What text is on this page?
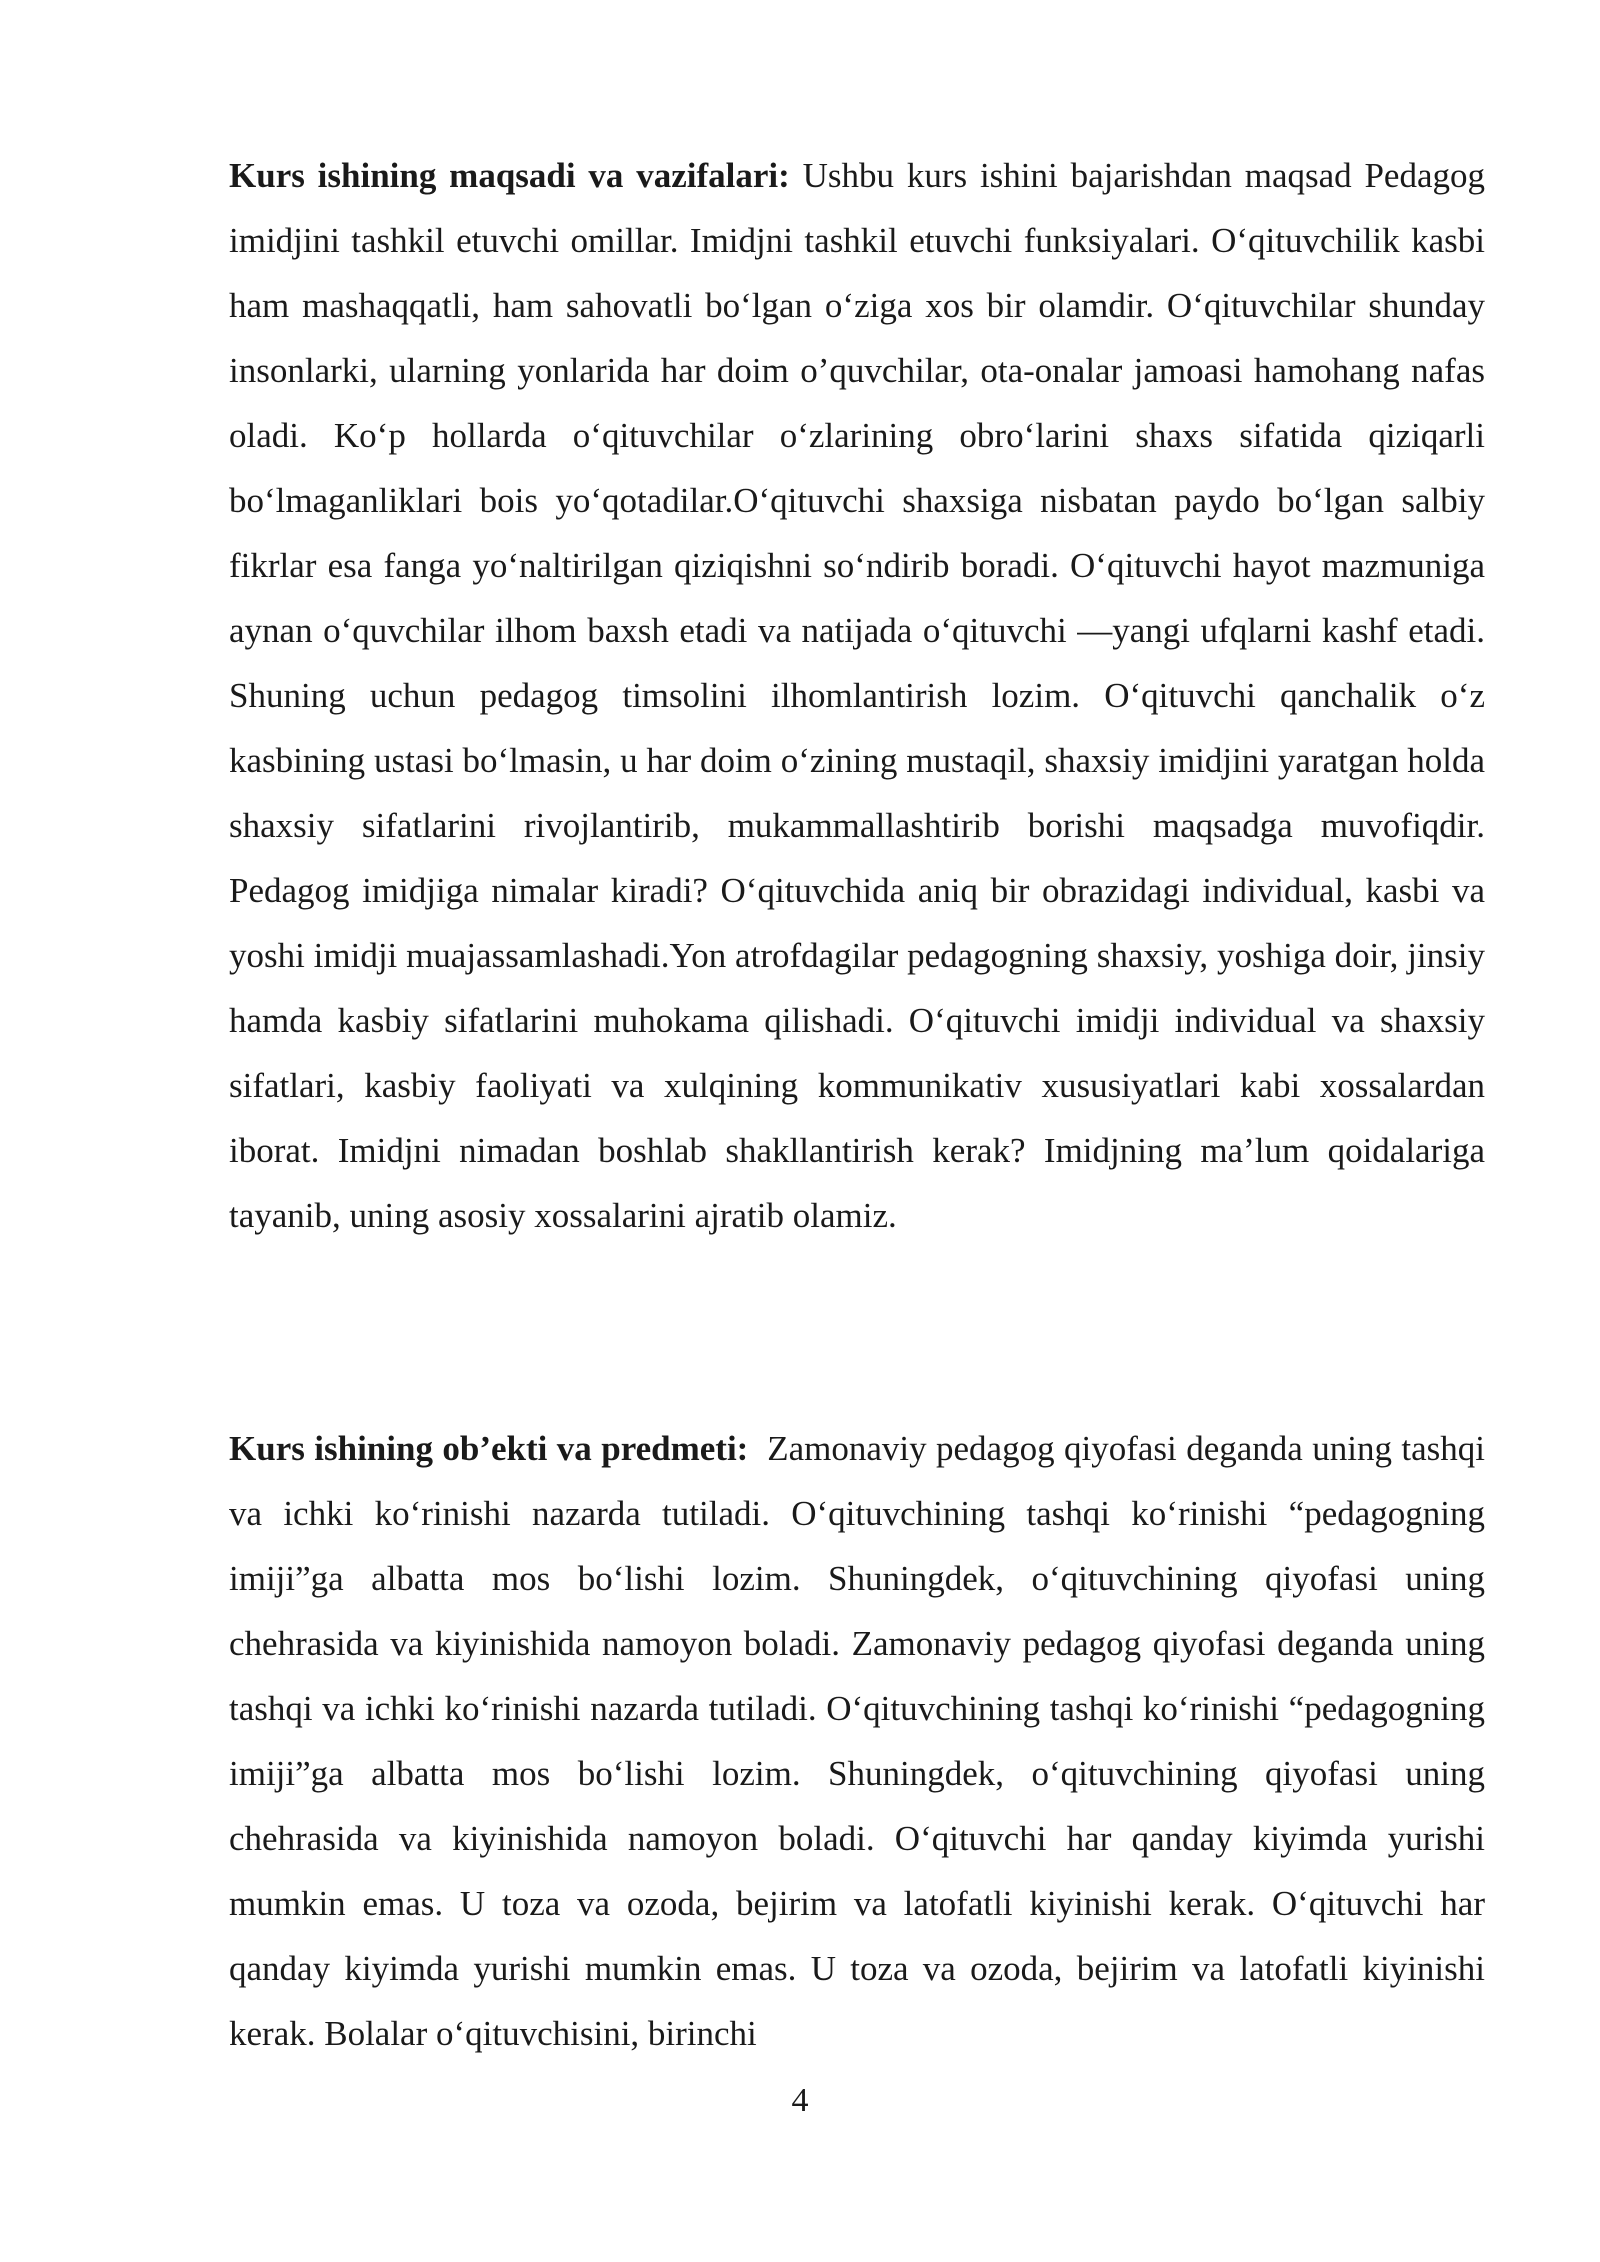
Kurs ishining maqsadi va vazifalari: Ushbu kurs ishini bajarishdan maqsad Pedagog imidjini tashkil etuvchi omillar. Imidjni tashkil etuvchi funksiyalari. O‘qituvchilik kasbi ham mashaqqatli, ham sahovatli bo‘lgan o‘ziga xos bir olamdir. O‘qituvchilar shunday insonlarki, ularning yonlarida har doim o’quvchilar, ota-onalar jamoasi hamohang nafas oladi. Ko‘p hollarda o‘qituvchilar o‘zlarining obro‘larini shaxs sifatida qiziqarli bo‘lmaganliklari bois yo‘qotadilar.O‘qituvchi shaxsiga nisbatan paydo bo‘lgan salbiy fikrlar esa fanga yo‘naltirilgan qiziqishni so‘ndirib boradi. O‘qituvchi hayot mazmuniga aynan o‘quvchilar ilhom baxsh etadi va natijada o‘qituvchi —yangi ufqlarni kashf etadi. Shuning uchun pedagog timsolini ilhomlantirish lozim. O‘qituvchi qanchalik o‘z kasbining ustasi bo‘lmasin, u har doim o‘zining mustaqil, shaxsiy imidjini yaratgan holda shaxsiy sifatlarini rivojlantirib, mukammallashtirib borishi maqsadga muvofiqdir. Pedagog imidjiga nimalar kiradi? O‘qituvchida aniq bir obrazidagi individual, kasbi va yoshi imidji muajassamlashadi.Yon atrofdagilar pedagogning shaxsiy, yoshiga doir, jinsiy hamda kasbiy sifatlarini muhokama qilishadi. O‘qituvchi imidji individual va shaxsiy sifatlari, kasbiy faoliyati va xulqining kommunikativ xususiyatlari kabi xossalardan iborat. Imidjni nimadan boshlab shakllantirish kerak? Imidjning ma’lum qoidalariga tayanib, uning asosiy xossalarini ajratib olamiz.

Kurs ishining ob’ekti va predmeti: Zamonaviy pedagog qiyofasi deganda uning tashqi va ichki ko‘rinishi nazarda tutiladi. O‘qituvchining tashqi ko‘rinishi “pedagogning imiji”ga albatta mos bo‘lishi lozim. Shuningdek, o‘qituvchining qiyofasi uning chehrasida va kiyinishida namoyon boladi. Zamonaviy pedagog qiyofasi deganda uning tashqi va ichki ko‘rinishi nazarda tutiladi. O‘qituvchining tashqi ko‘rinishi “pedagogning imiji”ga albatta mos bo‘lishi lozim. Shuningdek, o‘qituvchining qiyofasi uning chehrasida va kiyinishida namoyon boladi. O‘qituvchi har qanday kiyimda yurishi mumkin emas. U toza va ozoda, bejirim va latofatli kiyinishi kerak. O‘qituvchi har qanday kiyimda yurishi mumkin emas. U toza va ozoda, bejirim va latofatli kiyinishi kerak. Bolalar o‘qituvchisini, birinchi

4
